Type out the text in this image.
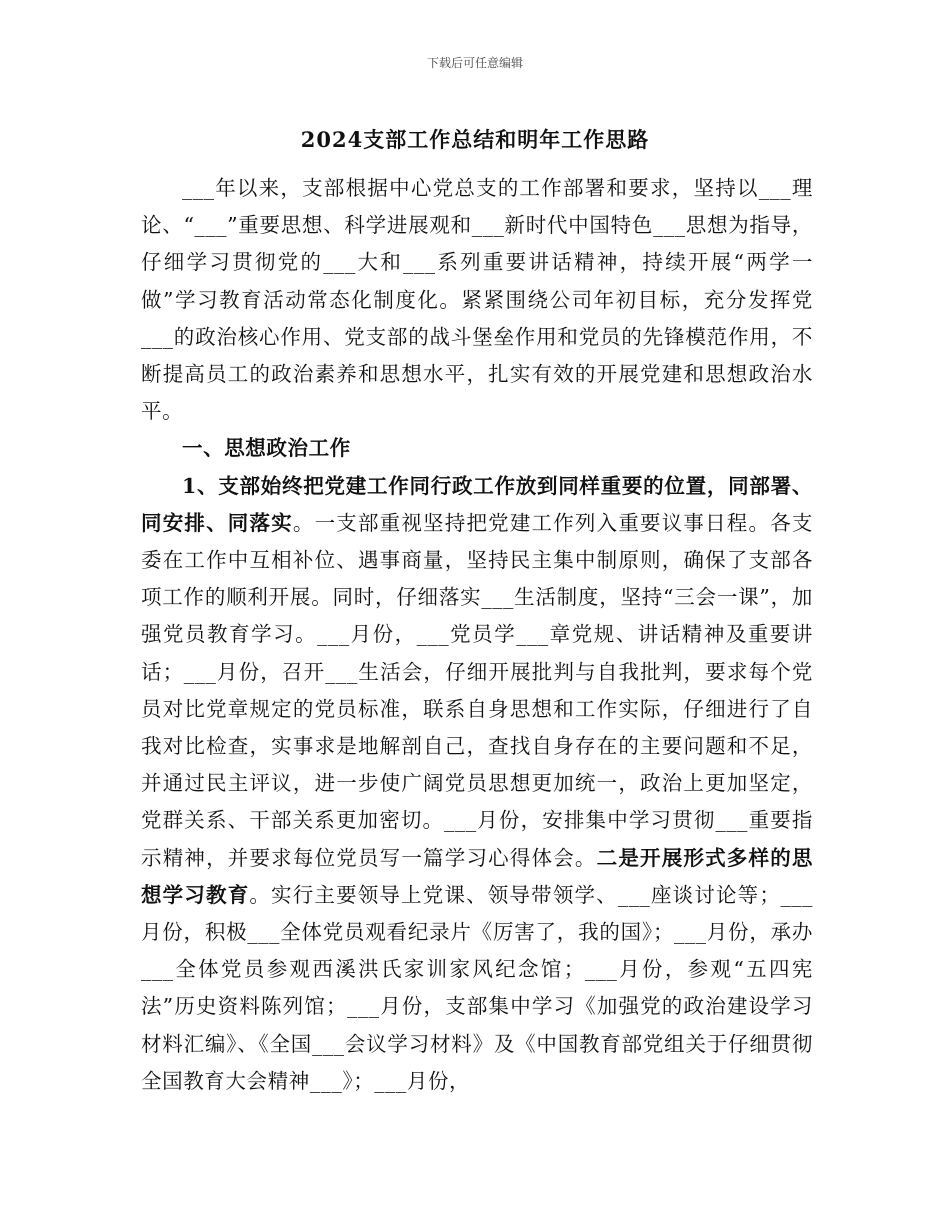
下载后可任意编辑
2024支部工作总结和明年工作思路

___年以来，支部根据中心党总支的工作部署和要求，坚持以___理论、“___”重要思想、科学进展观和___新时代中国特色___思想为指导，仔细学习贯彻党的___大和___系列重要讲话精神，持续开展“两学一做”学习教育活动常态化制度化。紧紧围绕公司年初目标，充分发挥党___的政治核心作用、党支部的战斗堡垒作用和党员的先锋模范作用，不断提高员工的政治素养和思想水平，扎实有效的开展党建和思想政治水平。

一、思想政治工作

1、支部始终把党建工作同行政工作放到同样重要的位置，同部署、同安排、同落实。一支部重视坚持把党建工作列入重要议事日程。各支委在工作中互相补位、遇事商量，坚持民主集中制原则，确保了支部各项工作的顺利开展。同时，仔细落实___生活制度，坚持“三会一课”，加强党员教育学习。___月份，___党员学___章党规、讲话精神及重要讲话；___月份，召开___生活会，仔细开展批判与自我批判，要求每个党员对比党章规定的党员标准，联系自身思想和工作实际，仔细进行了自我对比检查，实事求是地解剖自己，查找自身存在的主要问题和不足，并通过民主评议，进一步使广阔党员思想更加统一，政治上更加坚定，党群关系、干部关系更加密切。___月份，安排集中学习贯彻___重要指示精神，并要求每位党员写一篇学习心得体会。二是开展形式多样的思想学习教育。实行主要领导上党课、领导带领学、___座谈讨论等；___月份，积极___全体党员观看纪录片《厉害了，我的国》；___月份，承办___全体党员参观西溪洪氏家训家风纪念馆；___月份，参观“五四宪法”历史资料陈列馆；___月份，支部集中学习《加强党的政治建设学习材料汇编》、《全国___会议学习材料》及《中国教育部党组关于仔细贯彻全国教育大会精神___》；___月份，
